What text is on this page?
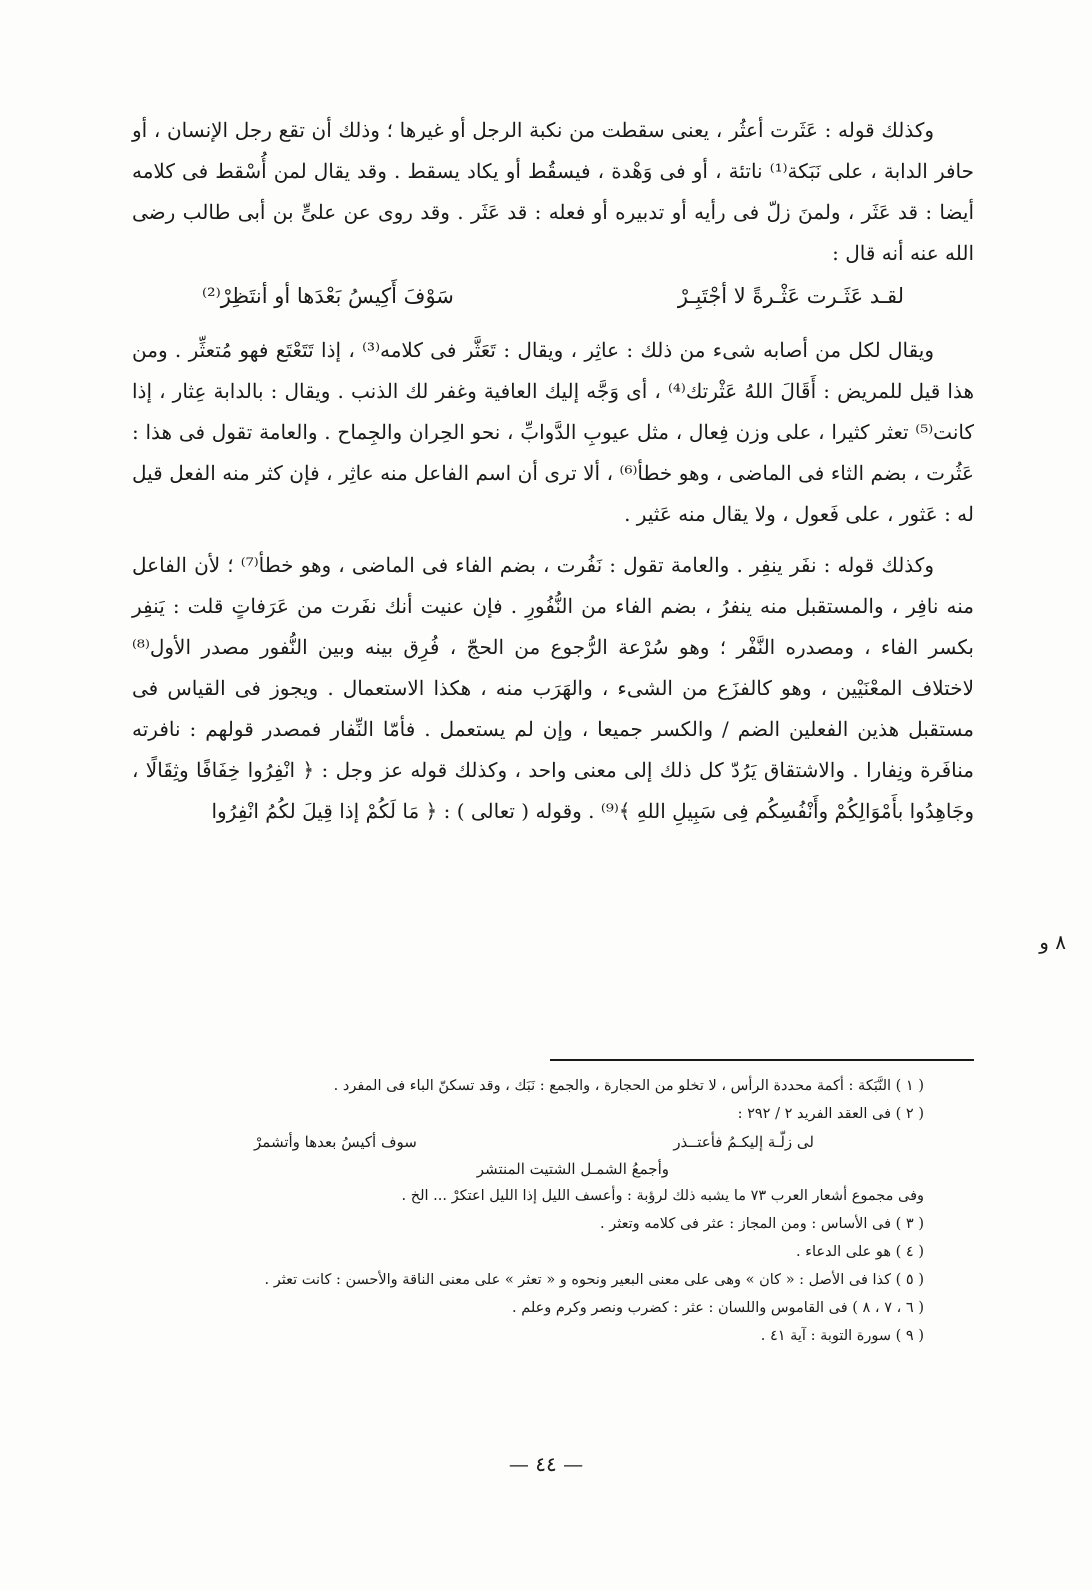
وكذلك قوله : عَثَرت أعثُر ، يعنى سقطت من نكبة الرجل أو غيرها ؛ وذلك أن تقع رجل الإنسان ، أو حافر الدابة ، على نَبَكة⁽¹⁾ ناتئة ، أو فى وَهْدة ، فيسقُط أو يكاد يسقط . وقد يقال لمن أُسْقط فى كلامه أيضا : قد عَثَر ، ولمنَ زلّ فى رأيه أو تدبيره أو فعله : قد عَثَر . وقد روى عن علىٍّ بن أبى طالب رضى الله عنه أنه قال :

لقـد عَثَـرت عَثْـرةً لا أجْتَبِـرْ
سَوْفَ أَكِيسُ بَعْدَها أو أنتَظِرْ⁽²⁾

ويقال لكل من أصابه شىء من ذلك : عاثِر ، ويقال : تَعَثَّر فى كلامه⁽³⁾ ، إذا تَتَعْتَع فهو مُتعثِّر . ومن هذا قيل للمريض : أَقَالَ اللهُ عَثْرتك⁽⁴⁾ ، أى وَجَّه إليك العافية وغفر لك الذنب . ويقال : بالدابة عِثار ، إذا كانت⁽⁵⁾ تعثر كثيرا ، على وزن فِعال ، مثل عيوبِ الدَّوابِّ ، نحو الحِران والجِماح . والعامة تقول فى هذا : عَثُرت ، بضم الثاء فى الماضى ، وهو خطأ⁽⁶⁾ ، ألا ترى أن اسم الفاعل منه عاثِر ، فإن كثر منه الفعل قيل له : عَثور ، على فَعول ، ولا يقال منه عَثير .

وكذلك قوله : نفَر ينفِر . والعامة تقول : نَفُرت ، بضم الفاء فى الماضى ، وهو خطأ⁽⁷⁾ ؛ لأن الفاعل منه نافِر ، والمستقبل منه ينفرُ ، بضم الفاء من النُّفُورِ . فإن عنيت أنك نفَرت من عَرَفاتٍ قلت : يَنفِر بكسر الفاء ، ومصدره النَّفْر ؛ وهو سُرْعة الرُّجوع من الحجّ ، فُرِق بينه وبين النُّفور مصدر الأول⁽⁸⁾ لاختلاف المعْنَيْين ، وهو كالفزَع من الشىء ، والهَرَب منه ، هكذا الاستعمال . ويجوز فى القياس فى مستقبل هذين الفعلين الضم / والكسر جميعا ، وإن لم يستعمل . فأمّا النِّفار فمصدر قولهم : نافرته منافَرة ونِفارا . والاشتقاق يَرُدّ كل ذلك إلى معنى واحد ، وكذلك قوله عز وجل : ﴿ انْفِرُوا خِفَافًا وثِقَالًا ، وجَاهِدُوا بأَمْوَالِكُمْ وأَنْفُسِكُم فِى سَبِيلِ اللهِ ﴾⁽⁹⁾ . وقوله ( تعالى ) : ﴿ مَا لَكُمْ إذا قِيلَ لكُمُ انْفِرُوا

٨ و

( ١ ) النَّبَكة : أكمة محددة الرأس ، لا تخلو من الحجارة ، والجمع : نَبَك ، وقد تسكنّ الباء فى المفرد .

( ٢ ) فى العقد الفريد ٢ / ٢٩٢ :

لى زلّـة إليكـمُ فأعتــذر
سوف أكيسُ بعدها وأتشمرْ
وأجمعُ الشمـل الشتيت المنتشر

وفى مجموع أشعار العرب ٧٣ ما يشبه ذلك لرؤبة : وأعسف الليل إذا الليل اعتكرْ ... الخ .

( ٣ ) فى الأساس : ومن المجاز : عثر فى كلامه وتعثر .

( ٤ ) هو على الدعاء .

( ٥ ) كذا فى الأصل : « كان » وهى على معنى البعير ونحوه و « تعثر » على معنى الناقة والأحسن : كانت تعثر .

( ٦ ، ٧ ، ٨ ) فى القاموس واللسان : عثر : كضرب ونصر وكرم وعلم .

( ٩ ) سورة التوبة : آية ٤١ .

— ٤٤ —
